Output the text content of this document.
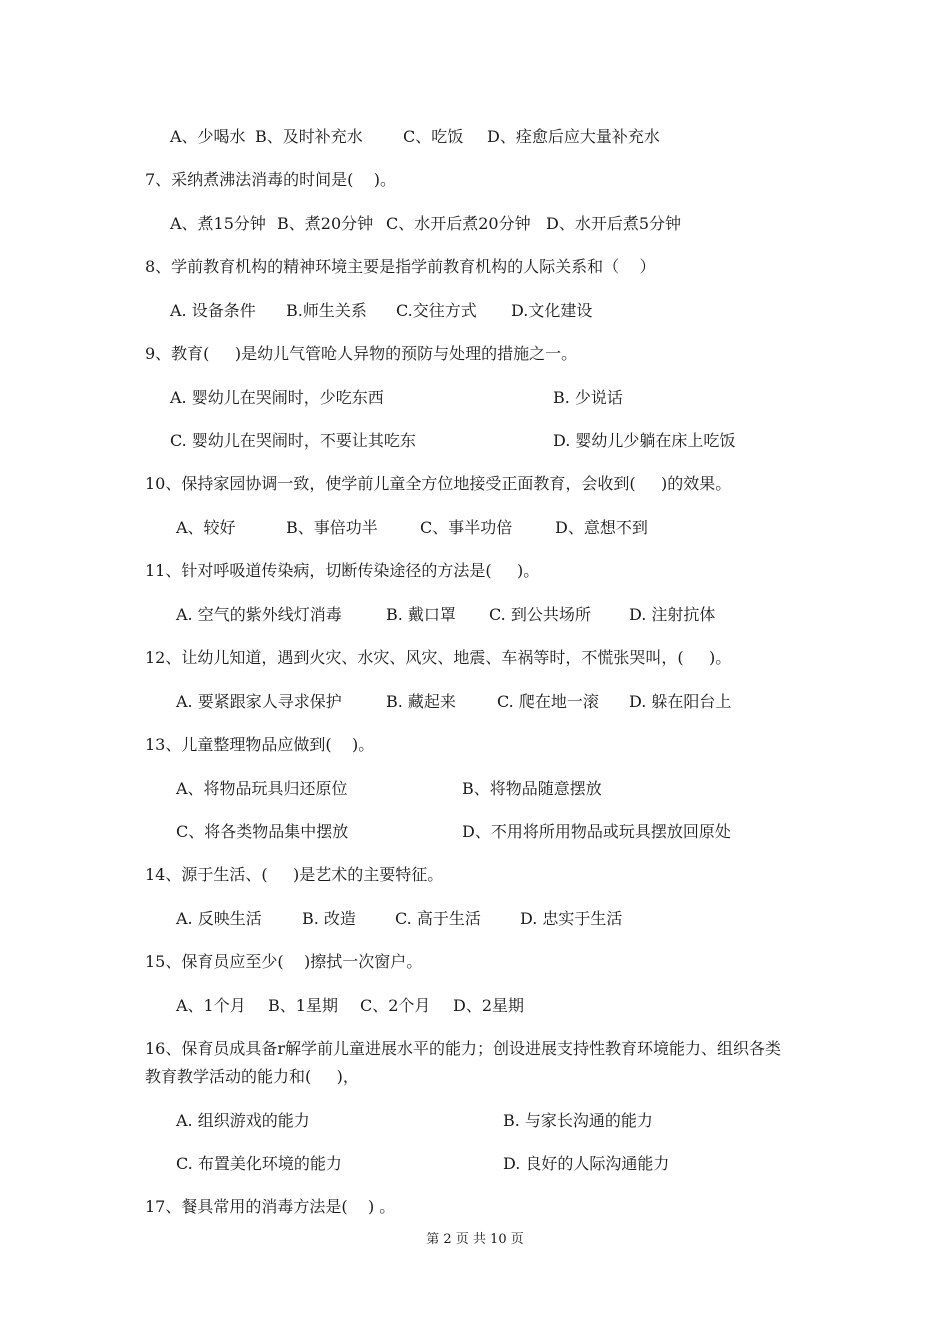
A、少喝水 B、及时补充水	C、吃饭 D、痊愈后应大量补充水
7、采纳煮沸法消毒的时间是(    )。
A、煮15分钟 B、煮20分钟 C、水开后煮20分钟 D、水开后煮5分钟
8、学前教育机构的精神环境主要是指学前教育机构的人际关系和（    ）
A. 设备条件 B.师生关系 C.交往方式 D.文化建设
9、教育(     )是幼儿气管呛人异物的预防与处理的措施之一。
A. 婴幼儿在哭闹时，少吃东西	B. 少说话
C. 婴幼儿在哭闹时，不要让其吃东	D. 婴幼儿少躺在床上吃饭
10、保持家园协调一致，使学前儿童全方位地接受正面教育，会收到(     )的效果。
A、较好	B、事倍功半	C、事半功倍	D、意想不到
11、针对呼吸道传染病，切断传染途径的方法是(     )。
A. 空气的紫外线灯消毒	B. 戴口罩 C. 到公共场所 D. 注射抗体
12、让幼儿知道，遇到火灾、水灾、风灾、地震、车祸等时，不慌张哭叫，(     )。
A. 要紧跟家人寻求保护	B. 藏起来	C. 爬在地一滚 D. 躲在阳台上
13、儿童整理物品应做到(    )。
A、将物品玩具归还原位	B、将物品随意摆放
C、将各类物品集中摆放	D、不用将所用物品或玩具摆放回原处
14、源于生活、(     )是艺术的主要特征。
A. 反映生活	B. 改造 C. 高于生活 D. 忠实于生活
15、保育员应至少(    )擦拭一次窗户。
A、1个月 B、1星期 C、2个月 D、2星期
16、保育员成具备r解学前儿童进展水平的能力；创设进展支持性教育环境能力、组织各类
教育教学活动的能力和(     )，
A. 组织游戏的能力	B. 与家长沟通的能力
C. 布置美化环境的能力	D. 良好的人际沟通能力
17、餐具常用的消毒方法是(    ) 。
第 2 页 共 10 页
